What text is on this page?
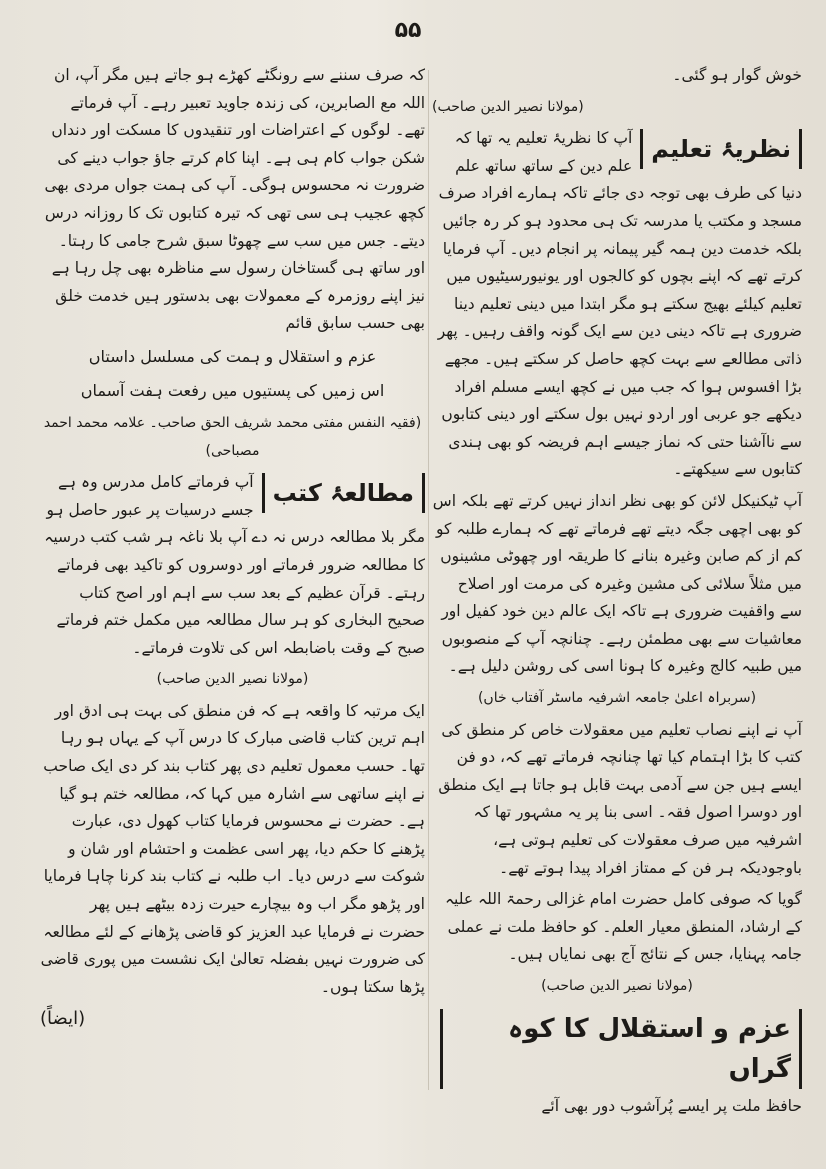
۵۵

خوش گوار ہو گئی۔

(مولانا نصیر الدین صاحب)

نظریۂ تعلیم

آپ کا نظریۂ تعلیم یہ تھا کہ علم دین کے ساتھ ساتھ علم دنیا کی طرف بھی توجہ دی جائے تاکہ ہمارے افراد صرف مسجد و مکتب یا مدرسہ تک ہی محدود ہو کر رہ جائیں بلکہ خدمت دین ہمہ گیر پیمانہ پر انجام دیں۔ آپ فرمایا کرتے تھے کہ اپنے بچوں کو کالجوں اور یونیورسیٹیوں میں تعلیم کیلئے بھیج سکتے ہو مگر ابتدا میں دینی تعلیم دینا ضروری ہے تاکہ دینی دین سے ایک گونہ واقف رہیں۔ پھر ذاتی مطالعے سے بہت کچھ حاصل کر سکتے ہیں۔ مجھے بڑا افسوس ہوا کہ جب میں نے کچھ ایسے مسلم افراد دیکھے جو عربی اور اردو نہیں بول سکتے اور دینی کتابوں سے ناآشنا حتی کہ نماز جیسے اہم فریضہ کو بھی ہندی کتابوں سے سیکھتے۔

آپ ٹیکنیکل لائن کو بھی نظر انداز نہیں کرتے تھے بلکہ اس کو بھی اچھی جگہ دیتے تھے فرماتے تھے کہ ہمارے طلبہ کو کم از کم صابن وغیرہ بنانے کا طریقہ اور چھوٹی مشینوں میں مثلاً سلائی کی مشین وغیرہ کی مرمت اور اصلاح سے واقفیت ضروری ہے تاکہ ایک عالم دین خود کفیل اور معاشیات سے بھی مطمئن رہے۔ چنانچہ آپ کے منصوبوں میں طبیہ کالج وغیرہ کا ہونا اسی کی روشن دلیل ہے۔

(سربراہ اعلیٰ جامعہ اشرفیہ ماسٹر آفتاب خاں)

آپ نے اپنے نصاب تعلیم میں معقولات خاص کر منطق کی کتب کا بڑا اہتمام کیا تھا چنانچہ فرماتے تھے کہ، دو فن ایسے ہیں جن سے آدمی بہت قابل ہو جاتا ہے ایک منطق اور دوسرا اصول فقہ۔ اسی بنا پر یہ مشہور تھا کہ اشرفیہ میں صرف معقولات کی تعلیم ہوتی ہے، باوجودیکہ ہر فن کے ممتاز افراد پیدا ہوتے تھے۔

گویا کہ صوفی کامل حضرت امام غزالی رحمۃ اللہ علیہ کے ارشاد، المنطق معیار العلم۔ کو حافظ ملت نے عملی جامہ پہنایا، جس کے نتائج آج بھی نمایاں ہیں۔

(مولانا نصیر الدین صاحب)

عزم و استقلال کا کوہ گراں

حافظ ملت پر ایسے پُرآشوب دور بھی آئے

کہ صرف سننے سے رونگٹے کھڑے ہو جاتے ہیں مگر آپ، ان اللہ مع الصابرین، کی زندہ جاوید تعبیر رہے۔ آپ فرماتے تھے۔ لوگوں کے اعتراضات اور تنقیدوں کا مسکت اور دنداں شکن جواب کام ہی ہے۔ اپنا کام کرتے جاؤ جواب دینے کی ضرورت نہ محسوس ہوگی۔ آپ کی ہمت جواں مردی بھی کچھ عجیب ہی سی تھی کہ تیرہ کتابوں تک کا روزانہ درس دیتے۔ جس میں سب سے چھوٹا سبق شرح جامی کا رہتا۔ اور ساتھ ہی گستاخان رسول سے مناظرہ بھی چل رہا ہے نیز اپنے روزمرہ کے معمولات بھی بدستور ہیں خدمت خلق بھی حسب سابق قائم

عزم و استقلال و ہمت کی مسلسل داستاں

اس زمیں کی پستیوں میں رفعت ہفت آسماں

(فقیہ النفس مفتی محمد شریف الحق صاحب۔ علامہ محمد احمد مصباحی)

مطالعۂ کتب

آپ فرماتے کامل مدرس وہ ہے جسے درسیات پر عبور حاصل ہو مگر بلا مطالعہ درس نہ دے آپ بلا ناغہ ہر شب کتب درسیہ کا مطالعہ ضرور فرماتے اور دوسروں کو تاکید بھی فرماتے رہتے۔ قرآن عظیم کے بعد سب سے اہم اور اصح کتاب صحیح البخاری کو ہر سال مطالعہ میں مکمل ختم فرماتے صبح کے وقت باضابطہ اس کی تلاوت فرماتے۔

(مولانا نصیر الدین صاحب)

ایک مرتبہ کا واقعہ ہے کہ فن منطق کی بہت ہی ادق اور اہم ترین کتاب قاضی مبارک کا درس آپ کے یہاں ہو رہا تھا۔ حسب معمول تعلیم دی پھر کتاب بند کر دی ایک صاحب نے اپنے ساتھی سے اشارہ میں کہا کہ، مطالعہ ختم ہو گیا ہے۔ حضرت نے محسوس فرمایا کتاب کھول دی، عبارت پڑھنے کا حکم دیا، پھر اسی عظمت و احتشام اور شان و شوکت سے درس دیا۔ اب طلبہ نے کتاب بند کرنا چاہا فرمایا اور پڑھو مگر اب وہ بیچارے حیرت زدہ بیٹھے ہیں پھر حضرت نے فرمایا عبد العزیز کو قاضی پڑھانے کے لئے مطالعہ کی ضرورت نہیں بفضلہ تعالیٰ ایک نشست میں پوری قاضی پڑھا سکتا ہوں۔

(ایضاً)
